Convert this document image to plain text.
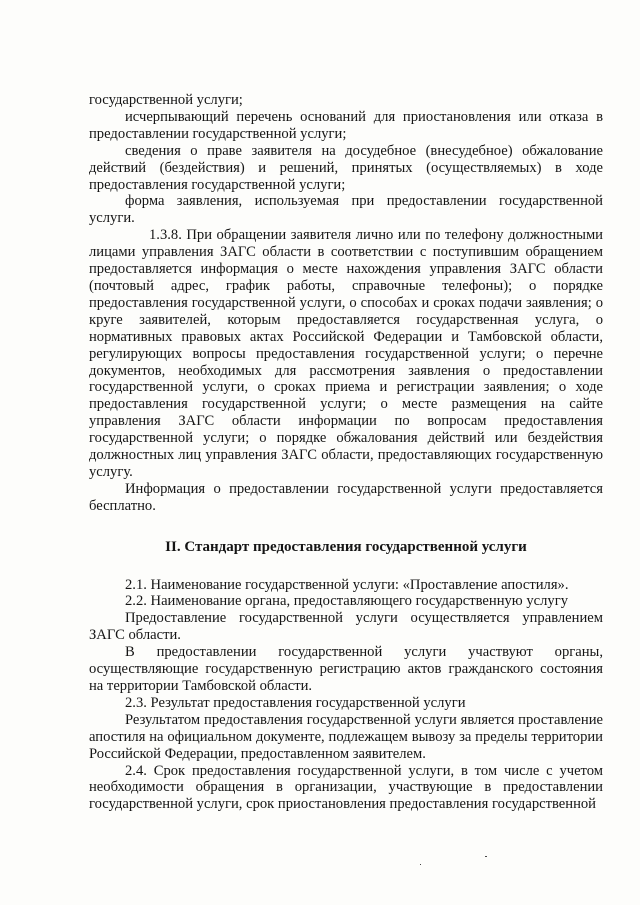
государственной услуги;

исчерпывающий перечень оснований для приостановления или отказа в предоставлении государственной услуги;

сведения о праве заявителя на досудебное (внесудебное) обжалование действий (бездействия) и решений, принятых (осуществляемых) в ходе предоставления государственной услуги;

форма заявления, используемая при предоставлении государственной услуги.

1.3.8. При обращении заявителя лично или по телефону должностными лицами управления ЗАГС области в соответствии с поступившим обращением предоставляется информация о месте нахождения управления ЗАГС области (почтовый адрес, график работы, справочные телефоны); о порядке предоставления государственной услуги, о способах и сроках подачи заявления; о круге заявителей, которым предоставляется государственная услуга, о нормативных правовых актах Российской Федерации и Тамбовской области, регулирующих вопросы предоставления государственной услуги; о перечне документов, необходимых для рассмотрения заявления о предоставлении государственной услуги, о сроках приема и регистрации заявления; о ходе предоставления государственной услуги; о месте размещения на сайте управления ЗАГС области информации по вопросам предоставления государственной услуги; о порядке обжалования действий или бездействия должностных лиц управления ЗАГС области, предоставляющих государственную услугу.

Информация о предоставлении государственной услуги предоставляется бесплатно.

II. Стандарт предоставления государственной услуги

2.1. Наименование государственной услуги: «Проставление апостиля».

2.2. Наименование органа, предоставляющего государственную услугу

Предоставление государственной услуги осуществляется управлением ЗАГС области.

В предоставлении государственной услуги участвуют органы, осуществляющие государственную регистрацию актов гражданского состояния на территории Тамбовской области.

2.3. Результат предоставления государственной услуги

Результатом предоставления государственной услуги является проставление апостиля на официальном документе, подлежащем вывозу за пределы территории Российской Федерации, предоставленном заявителем.

2.4. Срок предоставления государственной услуги, в том числе с учетом необходимости обращения в организации, участвующие в предоставлении государственной услуги, срок приостановления предоставления государственной
